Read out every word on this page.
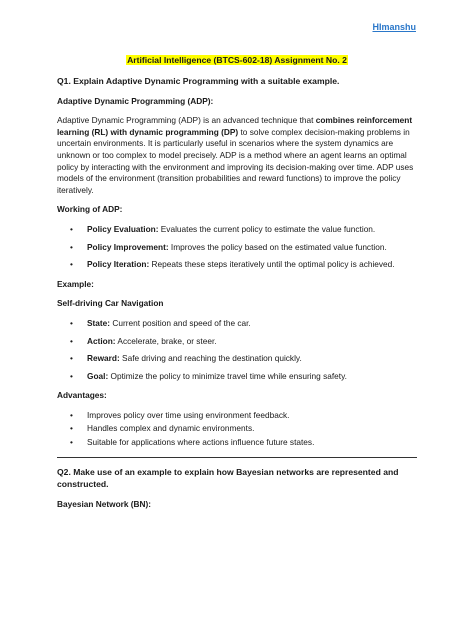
HImanshu
Artificial Intelligence (BTCS-602-18) Assignment No. 2
Q1. Explain Adaptive Dynamic Programming with a suitable example.
Adaptive Dynamic Programming (ADP):
Adaptive Dynamic Programming (ADP) is an advanced technique that combines reinforcement learning (RL) with dynamic programming (DP) to solve complex decision-making problems in uncertain environments. It is particularly useful in scenarios where the system dynamics are unknown or too complex to model precisely. ADP is a method where an agent learns an optimal policy by interacting with the environment and improving its decision-making over time. ADP uses models of the environment (transition probabilities and reward functions) to improve the policy iteratively.
Working of ADP:
• Policy Evaluation: Evaluates the current policy to estimate the value function.
• Policy Improvement: Improves the policy based on the estimated value function.
• Policy Iteration: Repeats these steps iteratively until the optimal policy is achieved.
Example:
Self-driving Car Navigation
• State: Current position and speed of the car.
• Action: Accelerate, brake, or steer.
• Reward: Safe driving and reaching the destination quickly.
• Goal: Optimize the policy to minimize travel time while ensuring safety.
Advantages:
• Improves policy over time using environment feedback.
• Handles complex and dynamic environments.
• Suitable for applications where actions influence future states.
Q2. Make use of an example to explain how Bayesian networks are represented and constructed.
Bayesian Network (BN):
